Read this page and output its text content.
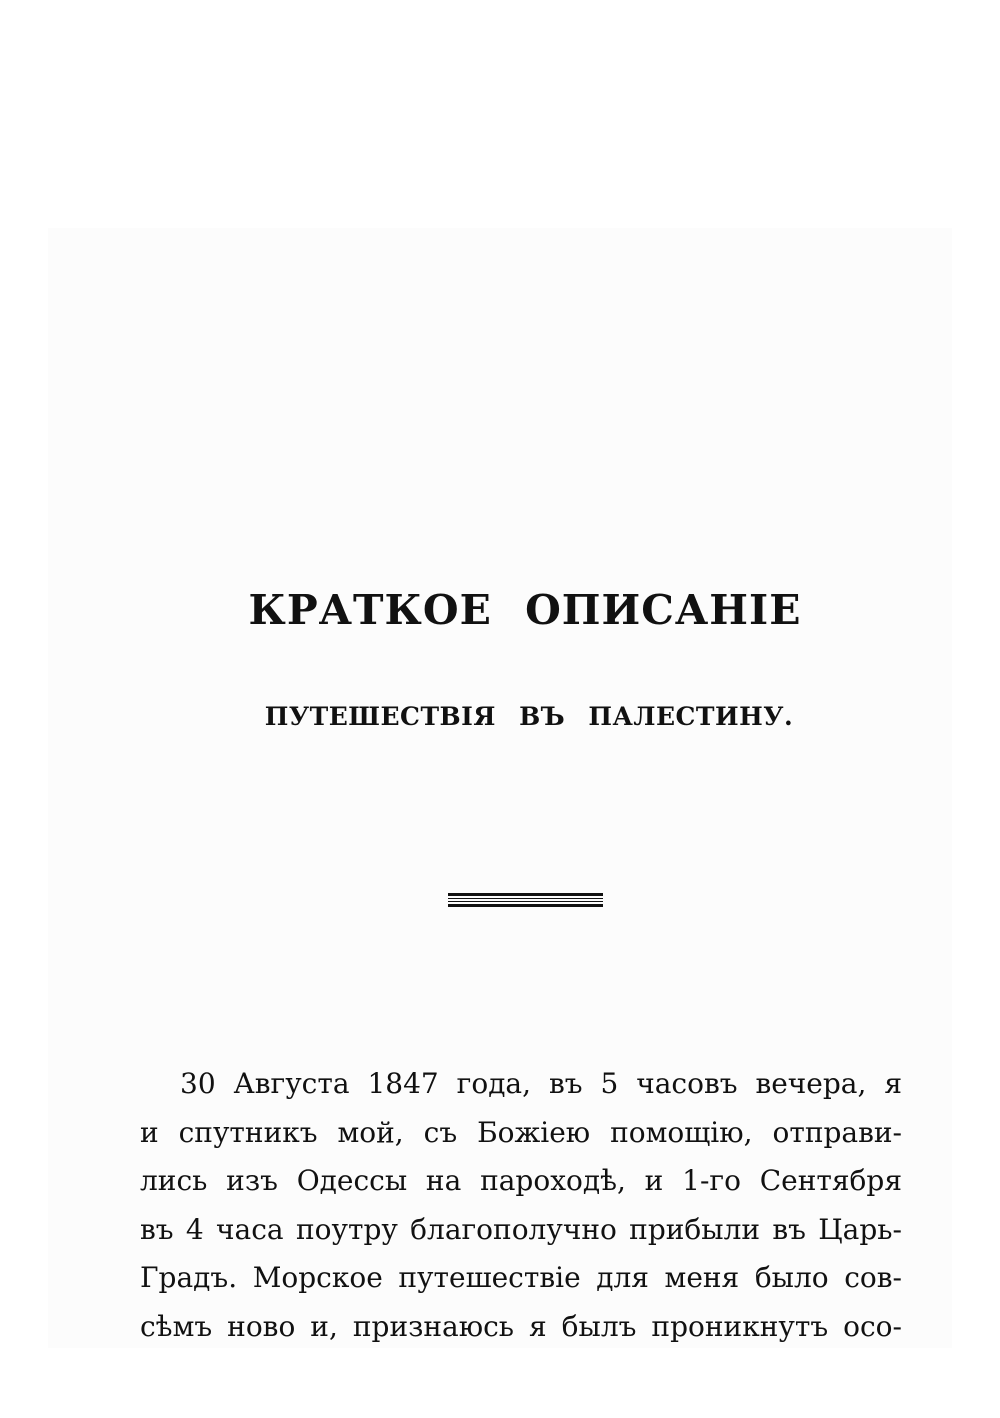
КРАТКОЕ ОПИСАНІЕ
ПУТЕШЕСТВІЯ ВЪ ПАЛЕСТИНУ.
30 Августа 1847 года, въ 5 часовъ вечера, я
и спутникъ мой, съ Божіею помощію, отправи-
лись изъ Одессы на пароходѣ, и 1-го Сентября
въ 4 часа поутру благополучно прибыли въ Царь-
Градъ. Морское путешествіе для меня было сов-
сѣмъ ново и, признаюсь я былъ проникнутъ осо-
